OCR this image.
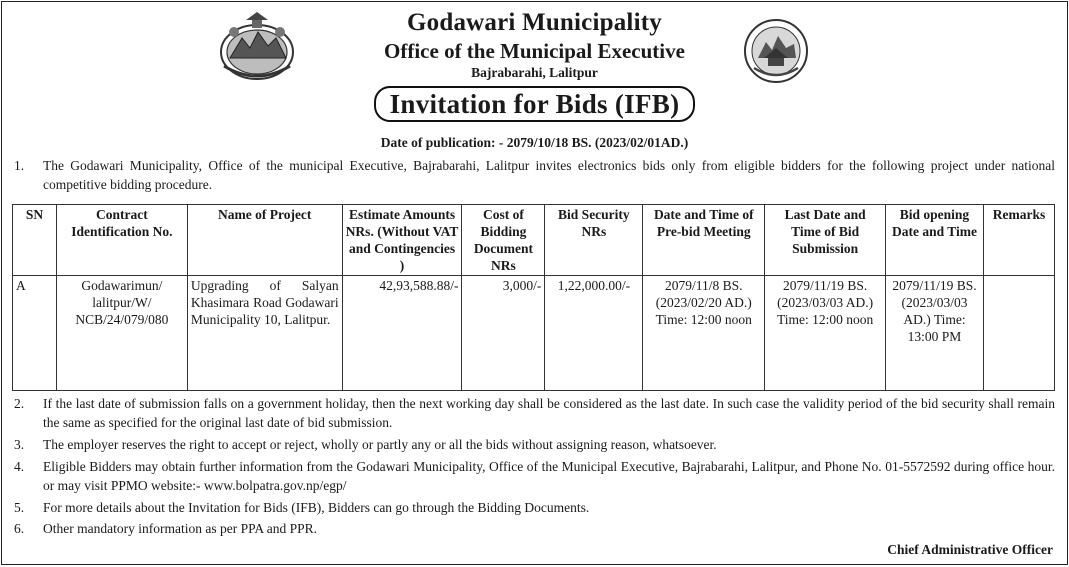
Godawari Municipality
Office of the Municipal Executive
Bajrabarahi, Lalitpur
Invitation for Bids (IFB)
Date of publication: - 2079/10/18 BS. (2023/02/01AD.)
1. The Godawari Municipality, Office of the municipal Executive, Bajrabarahi, Lalitpur invites electronics bids only from eligible bidders for the following project under national competitive bidding procedure.
SN	Contract Identification No.	Name of Project	Estimate Amounts NRs. (Without VAT and Contingencies )	Cost of Bidding Document NRs	Bid Security NRs	Date and Time of Pre-bid Meeting	Last Date and Time of Bid Submission	Bid opening Date and Time	Remarks
A	Godawarimun/ lalitpur/W/ NCB/24/079/080	Upgrading of Salyan Khasimara Road Godawari Municipality 10, Lalitpur.	42,93,588.88/-	3,000/-	1,22,000.00/-	2079/11/8 BS. (2023/02/20 AD.) Time: 12:00 noon	2079/11/19 BS. (2023/03/03 AD.) Time: 12:00 noon	2079/11/19 BS. (2023/03/03 AD.) Time: 13:00 PM	
2. If the last date of submission falls on a government holiday, then the next working day shall be considered as the last date. In such case the validity period of the bid security shall remain the same as specified for the original last date of bid submission.
3. The employer reserves the right to accept or reject, wholly or partly any or all the bids without assigning reason, whatsoever.
4. Eligible Bidders may obtain further information from the Godawari Municipality, Office of the Municipal Executive, Bajrabarahi, Lalitpur, and Phone No. 01-5572592 during office hour. or may visit PPMO website:- www.bolpatra.gov.np/egp/
5. For more details about the Invitation for Bids (IFB), Bidders can go through the Bidding Documents.
6. Other mandatory information as per PPA and PPR.
Chief Administrative Officer
